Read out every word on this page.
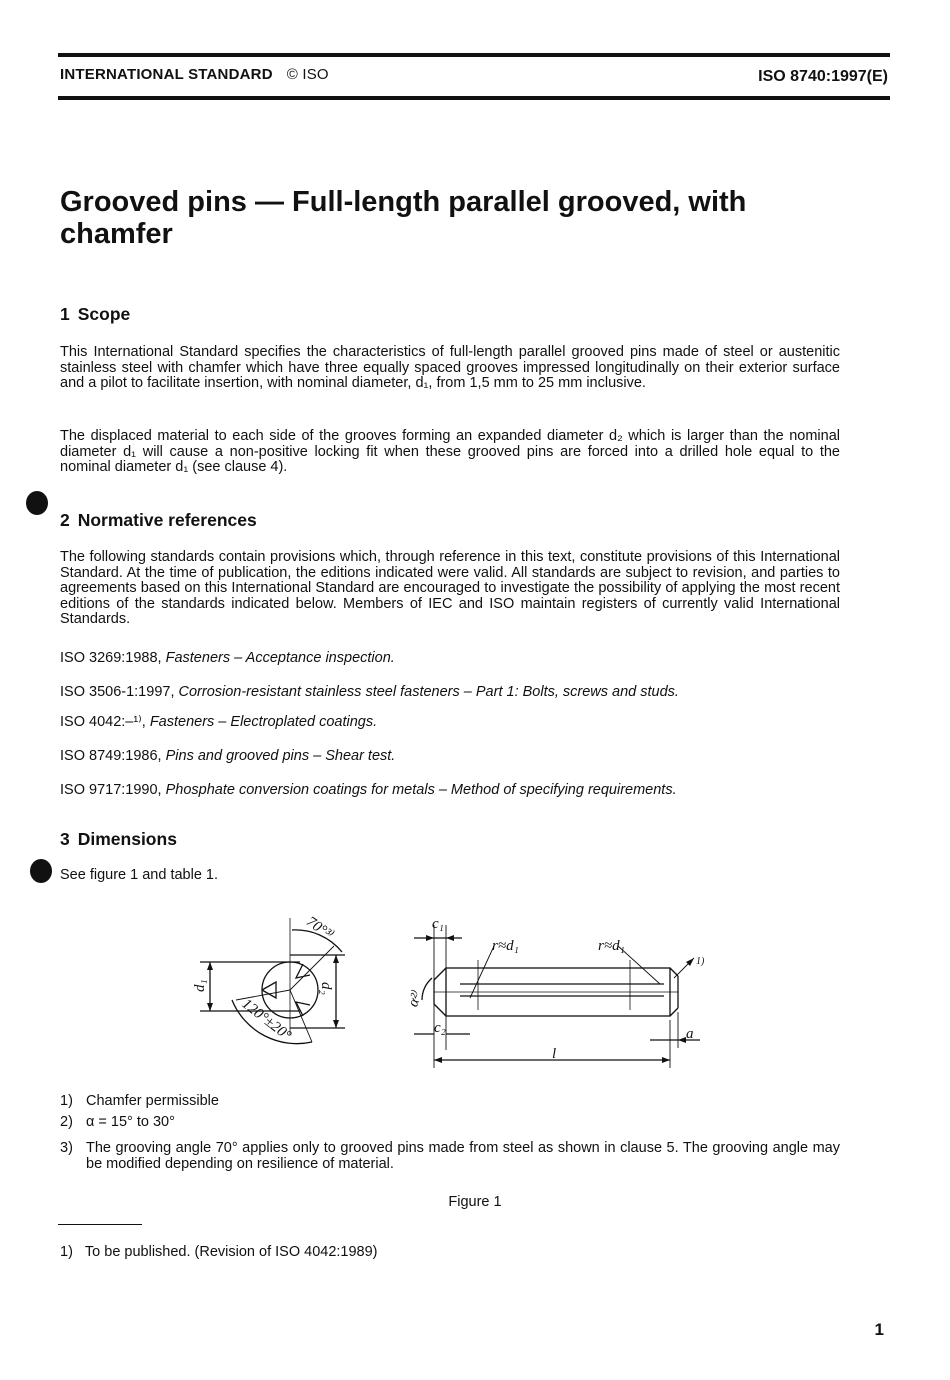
INTERNATIONAL STANDARD © ISO	ISO 8740:1997(E)
Grooved pins — Full-length parallel grooved, with chamfer
1 Scope
This International Standard specifies the characteristics of full-length parallel grooved pins made of steel or austenitic stainless steel with chamfer which have three equally spaced grooves impressed longitudinally on their exterior surface and a pilot to facilitate insertion, with nominal diameter, d₁, from 1,5 mm to 25 mm inclusive.
The displaced material to each side of the grooves forming an expanded diameter d₂ which is larger than the nominal diameter d₁ will cause a non-positive locking fit when these grooved pins are forced into a drilled hole equal to the nominal diameter d₁ (see clause 4).
2 Normative references
The following standards contain provisions which, through reference in this text, constitute provisions of this International Standard. At the time of publication, the editions indicated were valid. All standards are subject to revision, and parties to agreements based on this International Standard are encouraged to investigate the possibility of applying the most recent editions of the standards indicated below. Members of IEC and ISO maintain registers of currently valid International Standards.
ISO 3269:1988, Fasteners – Acceptance inspection.
ISO 3506-1:1997, Corrosion-resistant stainless steel fasteners – Part 1: Bolts, screws and studs.
ISO 4042:–¹⁾, Fasteners – Electroplated coatings.
ISO 8749:1986, Pins and grooved pins – Shear test.
ISO 9717:1990, Phosphate conversion coatings for metals – Method of specifying requirements.
3 Dimensions
See figure 1 and table 1.
d₁	d₂
70°³⁾
120°±20°
c₁
c₂
r≈d₁	r≈d₁
1)
α²⁾
a
l
1) Chamfer permissible
2) α = 15° to 30°
3) The grooving angle 70° applies only to grooved pins made from steel as shown in clause 5. The grooving angle may be modified depending on resilience of material.
Figure 1
1) To be published. (Revision of ISO 4042:1989)
1
